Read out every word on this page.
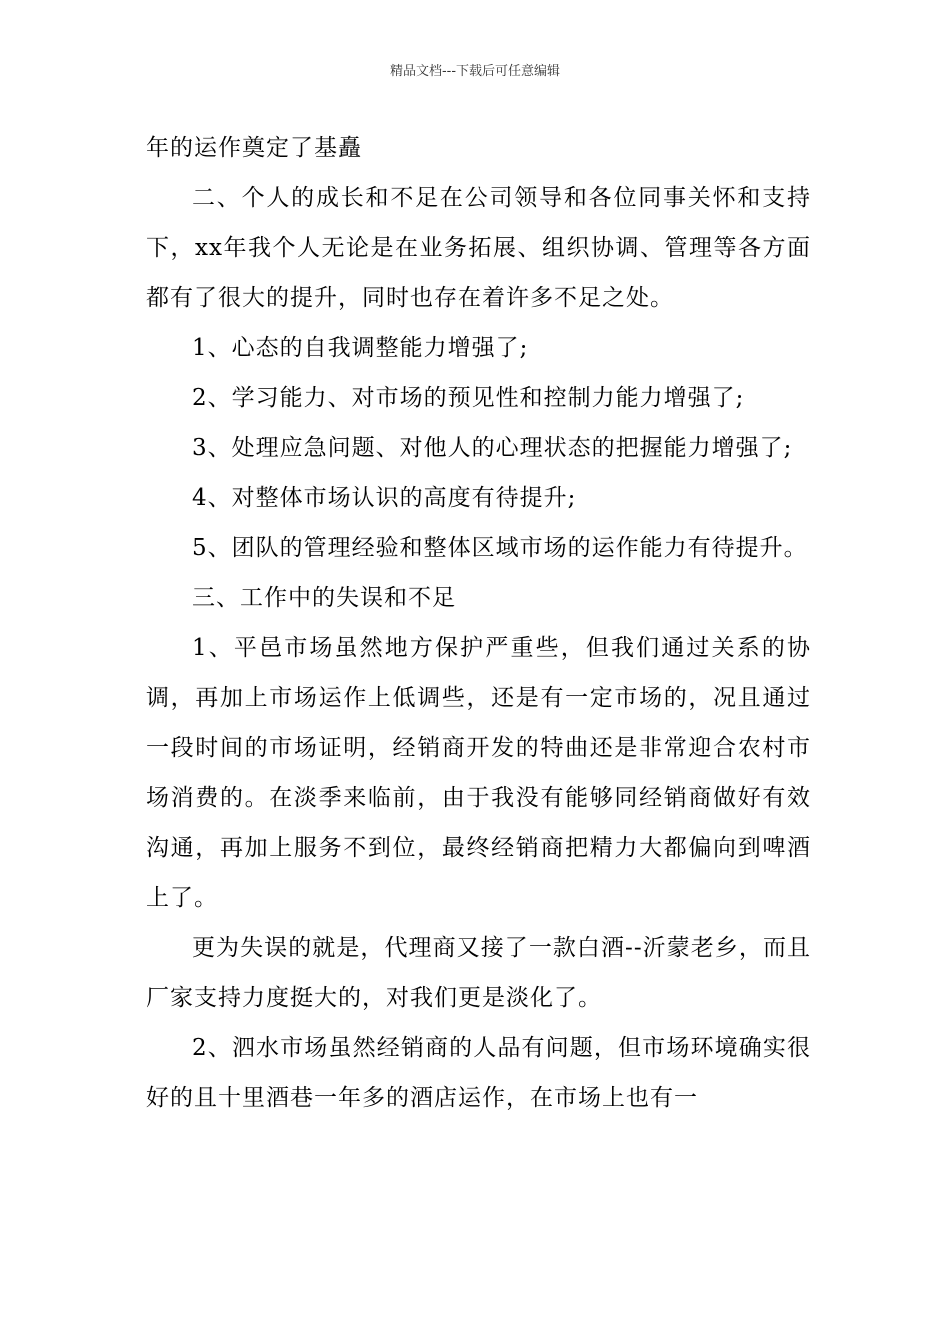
精品文档---下载后可任意编辑

年的运作奠定了基矗

二、个人的成长和不足在公司领导和各位同事关怀和支持下，xx年我个人无论是在业务拓展、组织协调、管理等各方面都有了很大的提升，同时也存在着许多不足之处。

1、心态的自我调整能力增强了;

2、学习能力、对市场的预见性和控制力能力增强了;

3、处理应急问题、对他人的心理状态的把握能力增强了;

4、对整体市场认识的高度有待提升;

5、团队的管理经验和整体区域市场的运作能力有待提升。

三、工作中的失误和不足

1、平邑市场虽然地方保护严重些，但我们通过关系的协调，再加上市场运作上低调些，还是有一定市场的，况且通过一段时间的市场证明，经销商开发的特曲还是非常迎合农村市场消费的。在淡季来临前，由于我没有能够同经销商做好有效沟通，再加上服务不到位，最终经销商把精力大都偏向到啤酒上了。

更为失误的就是，代理商又接了一款白酒--沂蒙老乡，而且厂家支持力度挺大的，对我们更是淡化了。

2、泗水市场虽然经销商的人品有问题，但市场环境确实很好的且十里酒巷一年多的酒店运作，在市场上也有一
